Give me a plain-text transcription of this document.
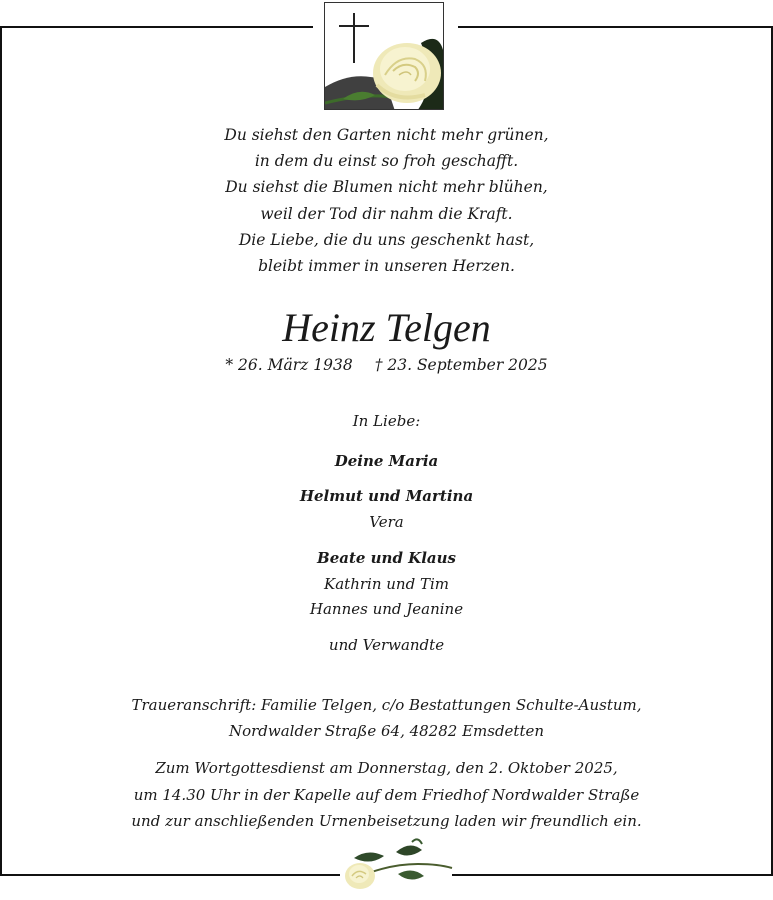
Du siehst den Garten nicht mehr grünen,
in dem du einst so froh geschafft.
Du siehst die Blumen nicht mehr blühen,
weil der Tod dir nahm die Kraft.
Die Liebe, die du uns geschenkt hast,
bleibt immer in unseren Herzen.
Heinz Telgen
* 26. März 1938 † 23. September 2025
In Liebe:
Deine Maria
Helmut und Martina
Vera
Beate und Klaus
Kathrin und Tim
Hannes und Jeanine
und Verwandte
Traueranschrift: Familie Telgen, c/o Bestattungen Schulte-Austum,
Nordwalder Straße 64, 48282 Emsdetten
Zum Wortgottesdienst am Donnerstag, den 2. Oktober 2025,
um 14.30 Uhr in der Kapelle auf dem Friedhof Nordwalder Straße
und zur anschließenden Urnenbeisetzung laden wir freundlich ein.
